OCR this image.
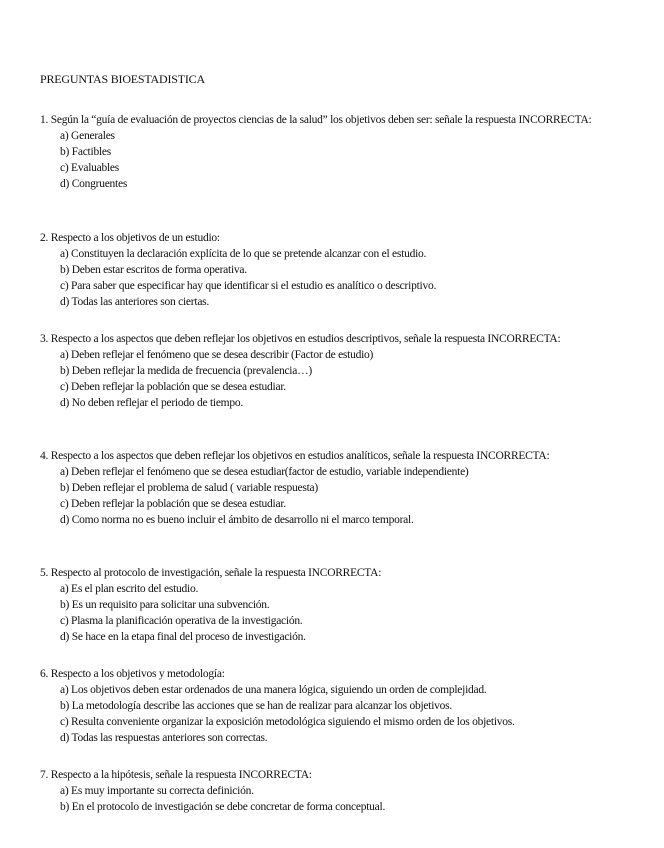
PREGUNTAS BIOESTADISTICA
1. Según la “guía de evaluación de proyectos ciencias de la salud” los objetivos deben ser: señale la respuesta INCORRECTA:
a) Generales
b) Factibles
c) Evaluables
d) Congruentes
2. Respecto a los objetivos de un estudio:
a) Constituyen la declaración explícita de lo que se pretende alcanzar con el estudio.
b) Deben estar escritos de forma operativa.
c) Para saber que especificar hay que identificar si el estudio es analítico o descriptivo.
d) Todas las anteriores son ciertas.
3. Respecto a los aspectos que deben reflejar los objetivos en estudios descriptivos, señale la respuesta INCORRECTA:
a) Deben reflejar el fenómeno que se desea describir (Factor de estudio)
b) Deben reflejar la medida de frecuencia (prevalencia…)
c) Deben reflejar la población que se desea estudiar.
d) No deben reflejar el periodo de tiempo.
4. Respecto a los aspectos que deben reflejar los objetivos en estudios analíticos, señale la respuesta INCORRECTA:
a) Deben reflejar el fenómeno que se desea estudiar(factor de estudio, variable independiente)
b) Deben reflejar el problema de salud ( variable respuesta)
c) Deben reflejar la población que se desea estudiar.
d) Como norma no es bueno incluir el ámbito de desarrollo ni el marco temporal.
5. Respecto al protocolo de investigación, señale la respuesta INCORRECTA:
a) Es el plan escrito del estudio.
b) Es un requisito para solicitar una subvención.
c) Plasma la planificación operativa de la investigación.
d) Se hace en la etapa final del proceso de investigación.
6. Respecto a los objetivos y metodología:
a) Los objetivos deben estar ordenados de una manera lógica, siguiendo un orden de complejidad.
b) La metodología describe las acciones que se han de realizar para alcanzar los objetivos.
c) Resulta conveniente organizar la exposición metodológica siguiendo el mismo orden de los objetivos.
d) Todas las respuestas anteriores son correctas.
7. Respecto a la hipótesis, señale la respuesta INCORRECTA:
a) Es muy importante su correcta definición.
b) En el protocolo de investigación se debe concretar de forma conceptual.
